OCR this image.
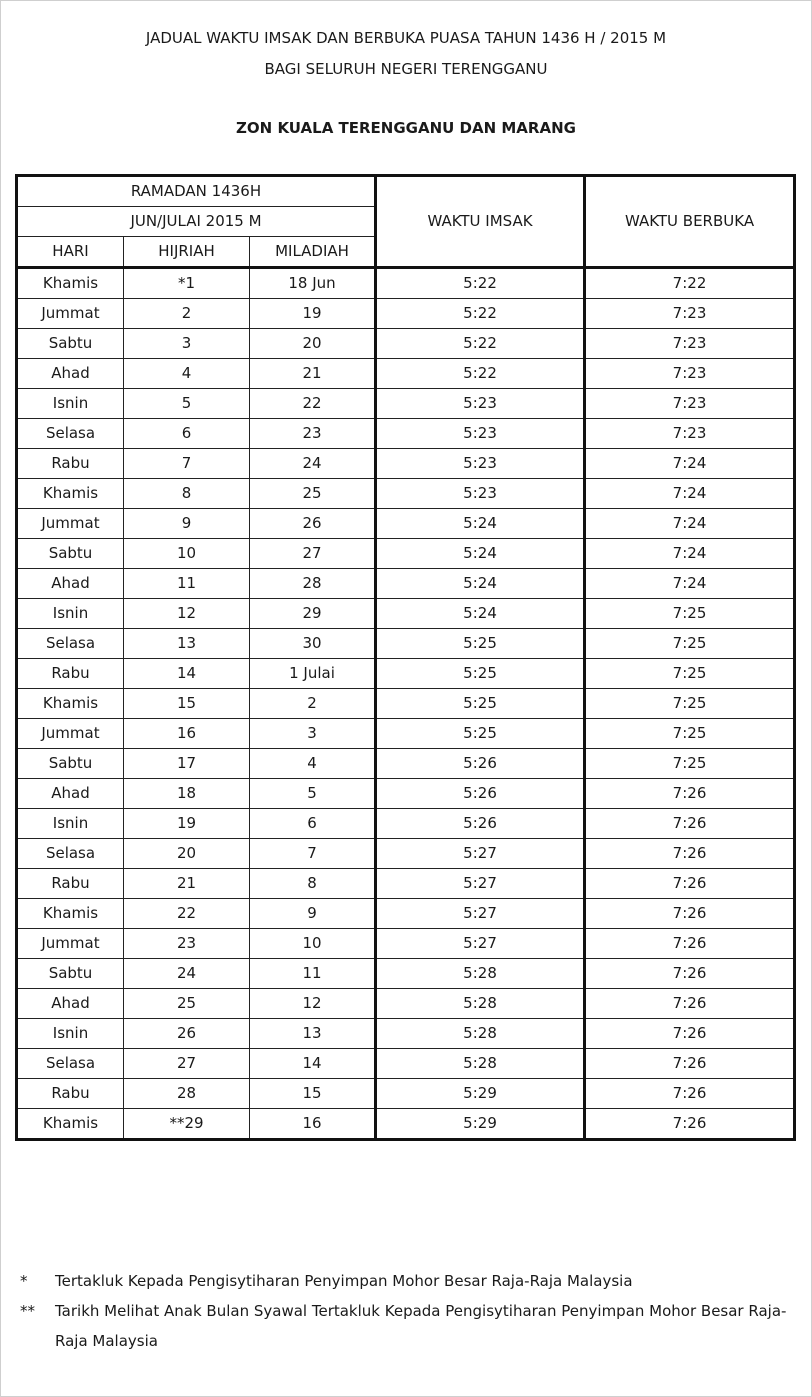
JADUAL WAKTU IMSAK DAN BERBUKA PUASA TAHUN 1436 H / 2015 M
BAGI SELURUH NEGERI TERENGGANU
ZON KUALA TERENGGANU DAN MARANG
RAMADAN 1436H			WAKTU IMSAK	WAKTU BERBUKA
JUN/JULAI 2015 M				
HARI	HIJRIAH	MILADIAH		
Khamis	*1	18 Jun	5:22	7:22
Jummat	2	19	5:22	7:23
Sabtu	3	20	5:22	7:23
Ahad	4	21	5:22	7:23
Isnin	5	22	5:23	7:23
Selasa	6	23	5:23	7:23
Rabu	7	24	5:23	7:24
Khamis	8	25	5:23	7:24
Jummat	9	26	5:24	7:24
Sabtu	10	27	5:24	7:24
Ahad	11	28	5:24	7:24
Isnin	12	29	5:24	7:25
Selasa	13	30	5:25	7:25
Rabu	14	1 Julai	5:25	7:25
Khamis	15	2	5:25	7:25
Jummat	16	3	5:25	7:25
Sabtu	17	4	5:26	7:25
Ahad	18	5	5:26	7:26
Isnin	19	6	5:26	7:26
Selasa	20	7	5:27	7:26
Rabu	21	8	5:27	7:26
Khamis	22	9	5:27	7:26
Jummat	23	10	5:27	7:26
Sabtu	24	11	5:28	7:26
Ahad	25	12	5:28	7:26
Isnin	26	13	5:28	7:26
Selasa	27	14	5:28	7:26
Rabu	28	15	5:29	7:26
Khamis	**29	16	5:29	7:26
*	Tertakluk Kepada Pengisytiharan Penyimpan Mohor Besar Raja-Raja Malaysia
**	Tarikh Melihat Anak Bulan Syawal Tertakluk Kepada Pengisytiharan Penyimpan Mohor Besar Raja-Raja Malaysia
